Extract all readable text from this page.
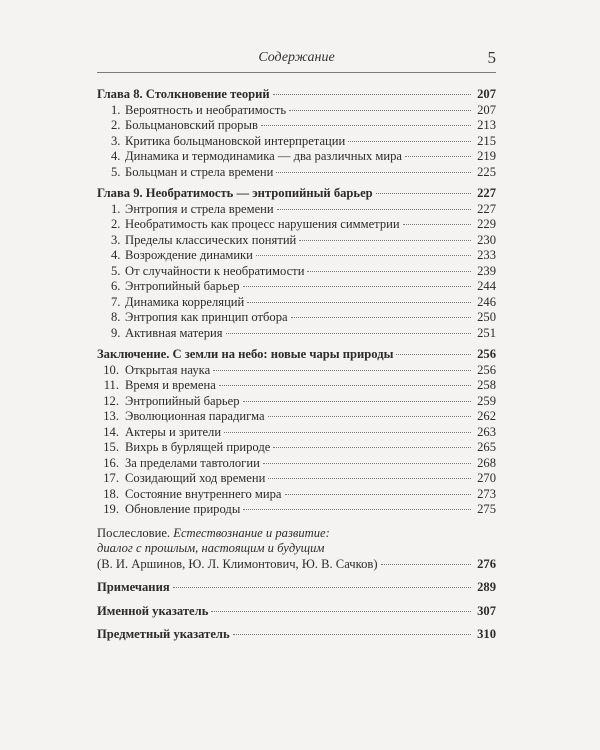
Содержание	5
Глава 8. Столкновение теорий	207
1. Вероятность и необратимость	207
2. Больцмановский прорыв	213
3. Критика больцмановской интерпретации	215
4. Динамика и термодинамика — два различных мира	219
5. Больцман и стрела времени	225
Глава 9. Необратимость — энтропийный барьер	227
1. Энтропия и стрела времени	227
2. Необратимость как процесс нарушения симметрии	229
3. Пределы классических понятий	230
4. Возрождение динамики	233
5. От случайности к необратимости	239
6. Энтропийный барьер	244
7. Динамика корреляций	246
8. Энтропия как принцип отбора	250
9. Активная материя	251
Заключение. С земли на небо: новые чары природы	256
10. Открытая наука	256
11. Время и времена	258
12. Энтропийный барьер	259
13. Эволюционная парадигма	262
14. Актеры и зрители	263
15. Вихрь в бурлящей природе	265
16. За пределами тавтологии	268
17. Созидающий ход времени	270
18. Состояние внутреннего мира	273
19. Обновление природы	275
Послесловие. Естествознание и развитие:
диалог с прошлым, настоящим и будущим
(В. И. Аршинов, Ю. Л. Климонтович, Ю. В. Сачков)	276
Примечания	289
Именной указатель	307
Предметный указатель	310
